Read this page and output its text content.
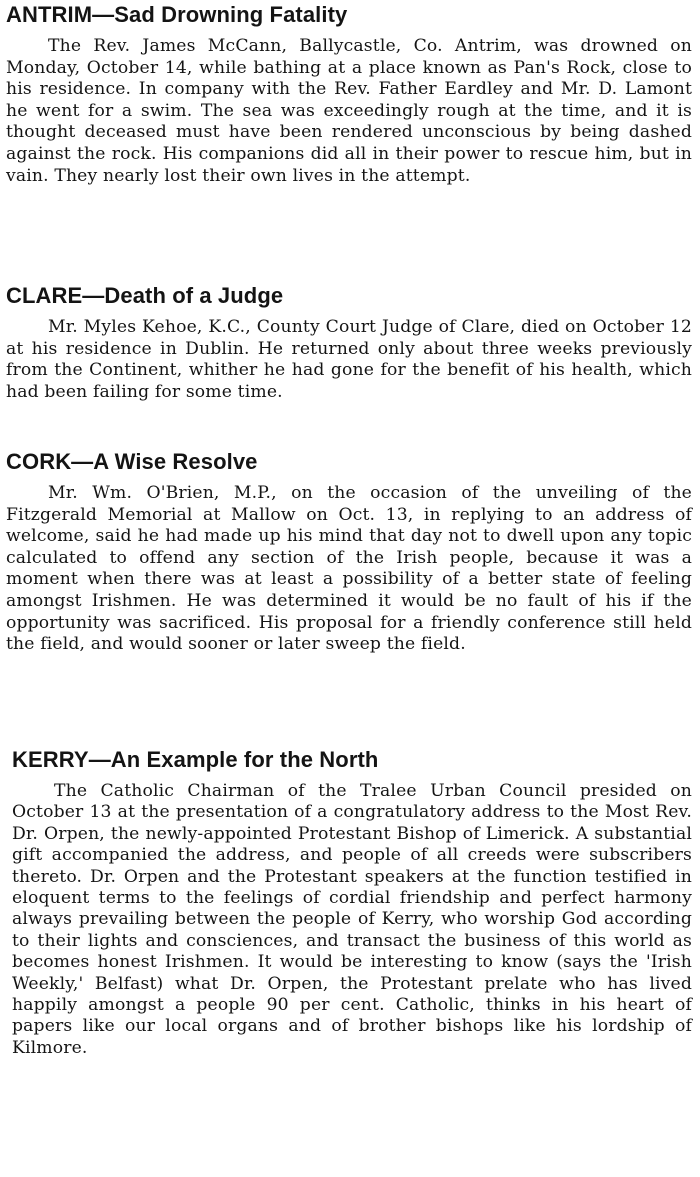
ANTRIM—Sad Drowning Fatality

The Rev. James McCann, Ballycastle, Co. Antrim, was drowned on Monday, October 14, while bathing at a place known as Pan's Rock, close to his residence. In company with the Rev. Father Eardley and Mr. D. Lamont he went for a swim. The sea was exceedingly rough at the time, and it is thought deceased must have been rendered unconscious by being dashed against the rock. His companions did all in their power to rescue him, but in vain. They nearly lost their own lives in the attempt.

CLARE—Death of a Judge

Mr. Myles Kehoe, K.C., County Court Judge of Clare, died on October 12 at his residence in Dublin. He returned only about three weeks previously from the Continent, whither he had gone for the benefit of his health, which had been failing for some time.

CORK—A Wise Resolve

Mr. Wm. O'Brien, M.P., on the occasion of the unveiling of the Fitzgerald Memorial at Mallow on Oct. 13, in replying to an address of welcome, said he had made up his mind that day not to dwell upon any topic calculated to offend any section of the Irish people, because it was a moment when there was at least a possibility of a better state of feeling amongst Irishmen. He was determined it would be no fault of his if the opportunity was sacrificed. His proposal for a friendly conference still held the field, and would sooner or later sweep the field.

KERRY—An Example for the North

The Catholic Chairman of the Tralee Urban Council presided on October 13 at the presentation of a congratulatory address to the Most Rev. Dr. Orpen, the newly-appointed Protestant Bishop of Limerick. A substantial gift accompanied the address, and people of all creeds were subscribers thereto. Dr. Orpen and the Protestant speakers at the function testified in eloquent terms to the feelings of cordial friendship and perfect harmony always prevailing between the people of Kerry, who worship God according to their lights and consciences, and transact the business of this world as becomes honest Irishmen. It would be interesting to know (says the 'Irish Weekly,' Belfast) what Dr. Orpen, the Protestant prelate who has lived happily amongst a people 90 per cent. Catholic, thinks in his heart of papers like our local organs and of brother bishops like his lordship of Kilmore.
